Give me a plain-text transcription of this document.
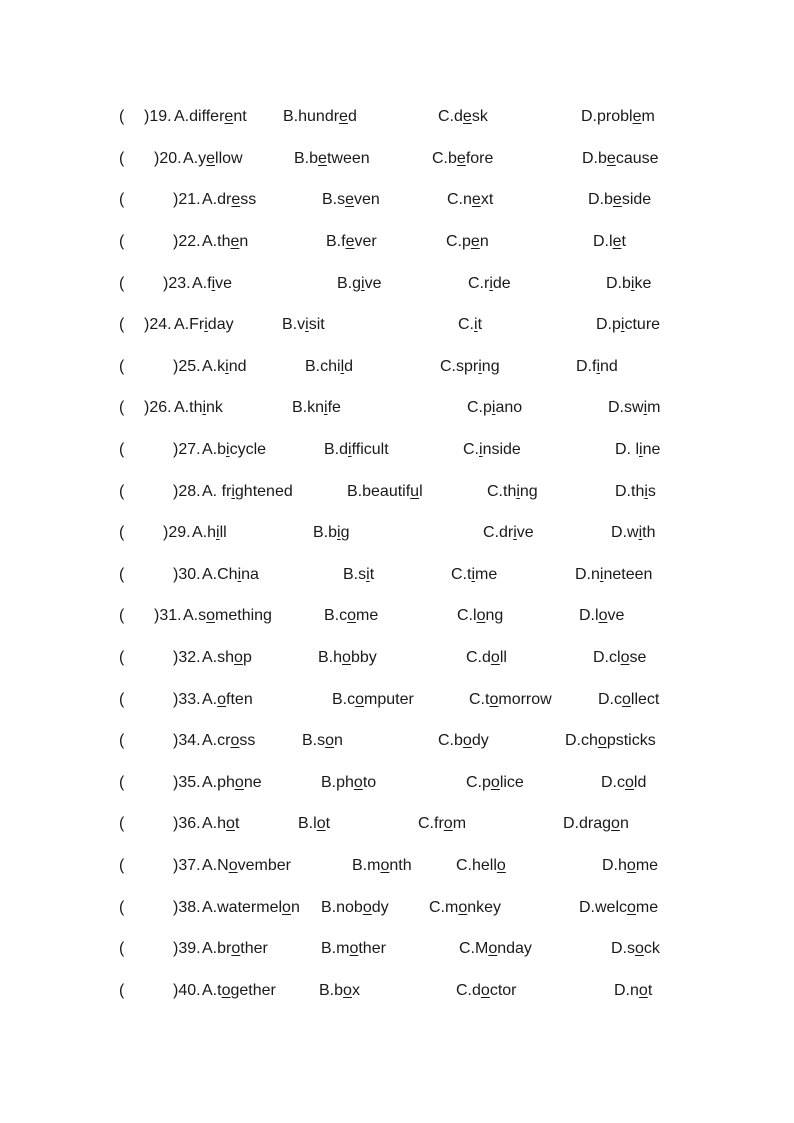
( )19. A.different B.hundred	C.desk	D.problem
( )20. A.yellow	B.between	C.before	D.because
(	)21. A.dress	B.seven	C.next	D.beside
(	)22. A.then	B.fever	C.pen	D.let
( )23. A.five	B.give	C.ride	D.bike
( )24. A.Friday	B.visit	C.it	D.picture
(	)25. A.kind	B.child	C.spring	D.find
( )26. A.think	B.knife	C.piano	D.swim
(	)27. A.bicycle	B.difficult	C.inside	D. line
(	)28. A. frightened	B.beautiful	C.thing	D.this
( )29. A.hill	B.big	C.drive	D.with
(	)30. A.China	B.sit	C.time	D.nineteen
( )31. A.something	B.come	C.long	D.love
(	)32. A.shop	B.hobby	C.doll	D.close
(	)33. A.often	B.computer	C.tomorrow	D.collect
(	)34. A.cross	B.son	C.body	D.chopsticks
(	)35. A.phone	B.photo	C.police	D.cold
(	)36. A.hot	B.lot	C.from	D.dragon
(	)37. A.November	B.month	C.hello	D.home
(	)38. A.watermelon B.nobody	C.monkey	D.welcome
(	)39. A.brother	B.mother	C.Monday	D.sock
(	)40. A.together	B.box	C.doctor	D.not
